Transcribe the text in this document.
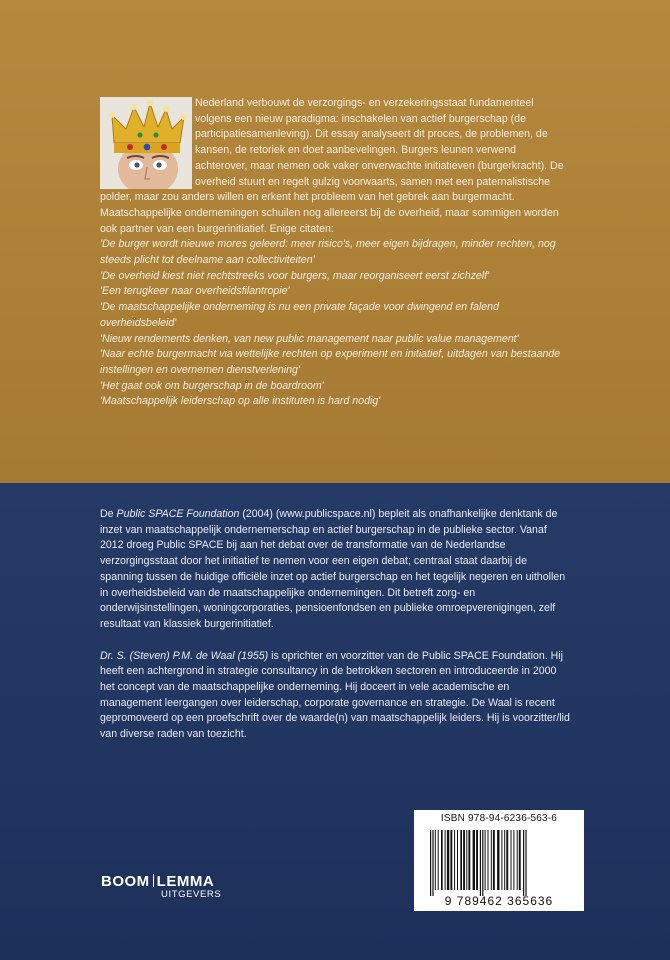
Nederland verbouwt de verzorgings- en verzekeringsstaat fundamenteel volgens een nieuw paradigma: inschakelen van actief burgerschap (de participatiesamenleving). Dit essay analyseert dit proces, de problemen, de kansen, de retoriek en doet aanbevelingen. Burgers leunen verwend achterover, maar nemen ook vaker onverwachte initiatieven (burgerkracht). De overheid stuurt en regelt gulzig voorwaarts, samen met een paternalistische polder, maar zou anders willen en erkent het probleem van het gebrek aan burgermacht. Maatschappelijke ondernemingen schuilen nog allereerst bij de overheid, maar sommigen worden ook partner van een burgerinitiatief. Enige citaten:

'De burger wordt nieuwe mores geleerd: meer risico's, meer eigen bijdragen, minder rechten, nog steeds plicht tot deelname aan collectiviteiten'
'De overheid kiest niet rechtstreeks voor burgers, maar reorganiseert eerst zichzelf'
'Een terugkeer naar overheidsfilantropie'
'De maatschappelijke onderneming is nu een private façade voor dwingend en falend overheidsbeleid'
'Nieuw rendements denken, van new public management naar public value management'
'Naar echte burgermacht via wettelijke rechten op experiment en initiatief, uitdagen van bestaande instellingen en overnemen dienstverlening'
'Het gaat ook om burgerschap in de boardroom'
'Maatschappelijk leiderschap op alle instituten is hard nodig'

De Public SPACE Foundation (2004) (www.publicspace.nl) bepleit als onafhankelijke denktank de inzet van maatschappelijk ondernemerschap en actief burgerschap in de publieke sector. Vanaf 2012 droeg Public SPACE bij aan het debat over de transformatie van de Nederlandse verzorgingsstaat door het initiatief te nemen voor een eigen debat; centraal staat daarbij de spanning tussen de huidige officiële inzet op actief burgerschap en het tegelijk negeren en uithollen in overheidsbeleid van de maatschappelijke ondernemingen. Dit betreft zorg- en onderwijsinstellingen, woningcorporaties, pensioenfondsen en publieke omroepverenigingen, zelf resultaat van klassiek burgerinitiatief.

Dr. S. (Steven) P.M. de Waal (1955) is oprichter en voorzitter van de Public SPACE Foundation. Hij heeft een achtergrond in strategie consultancy in de betrokken sectoren en introduceerde in 2000 het concept van de maatschappelijke onderneming. Hij doceert in vele academische en management leergangen over leiderschap, corporate governance en strategie. De Waal is recent gepromoveerd op een proefschrift over de waarde(n) van maatschappelijk leiders. Hij is voorzitter/lid van diverse raden van toezicht.

ISBN 978-94-6236-563-6
9 789462 365636
BOOM LEMMA
UITGEVERS
